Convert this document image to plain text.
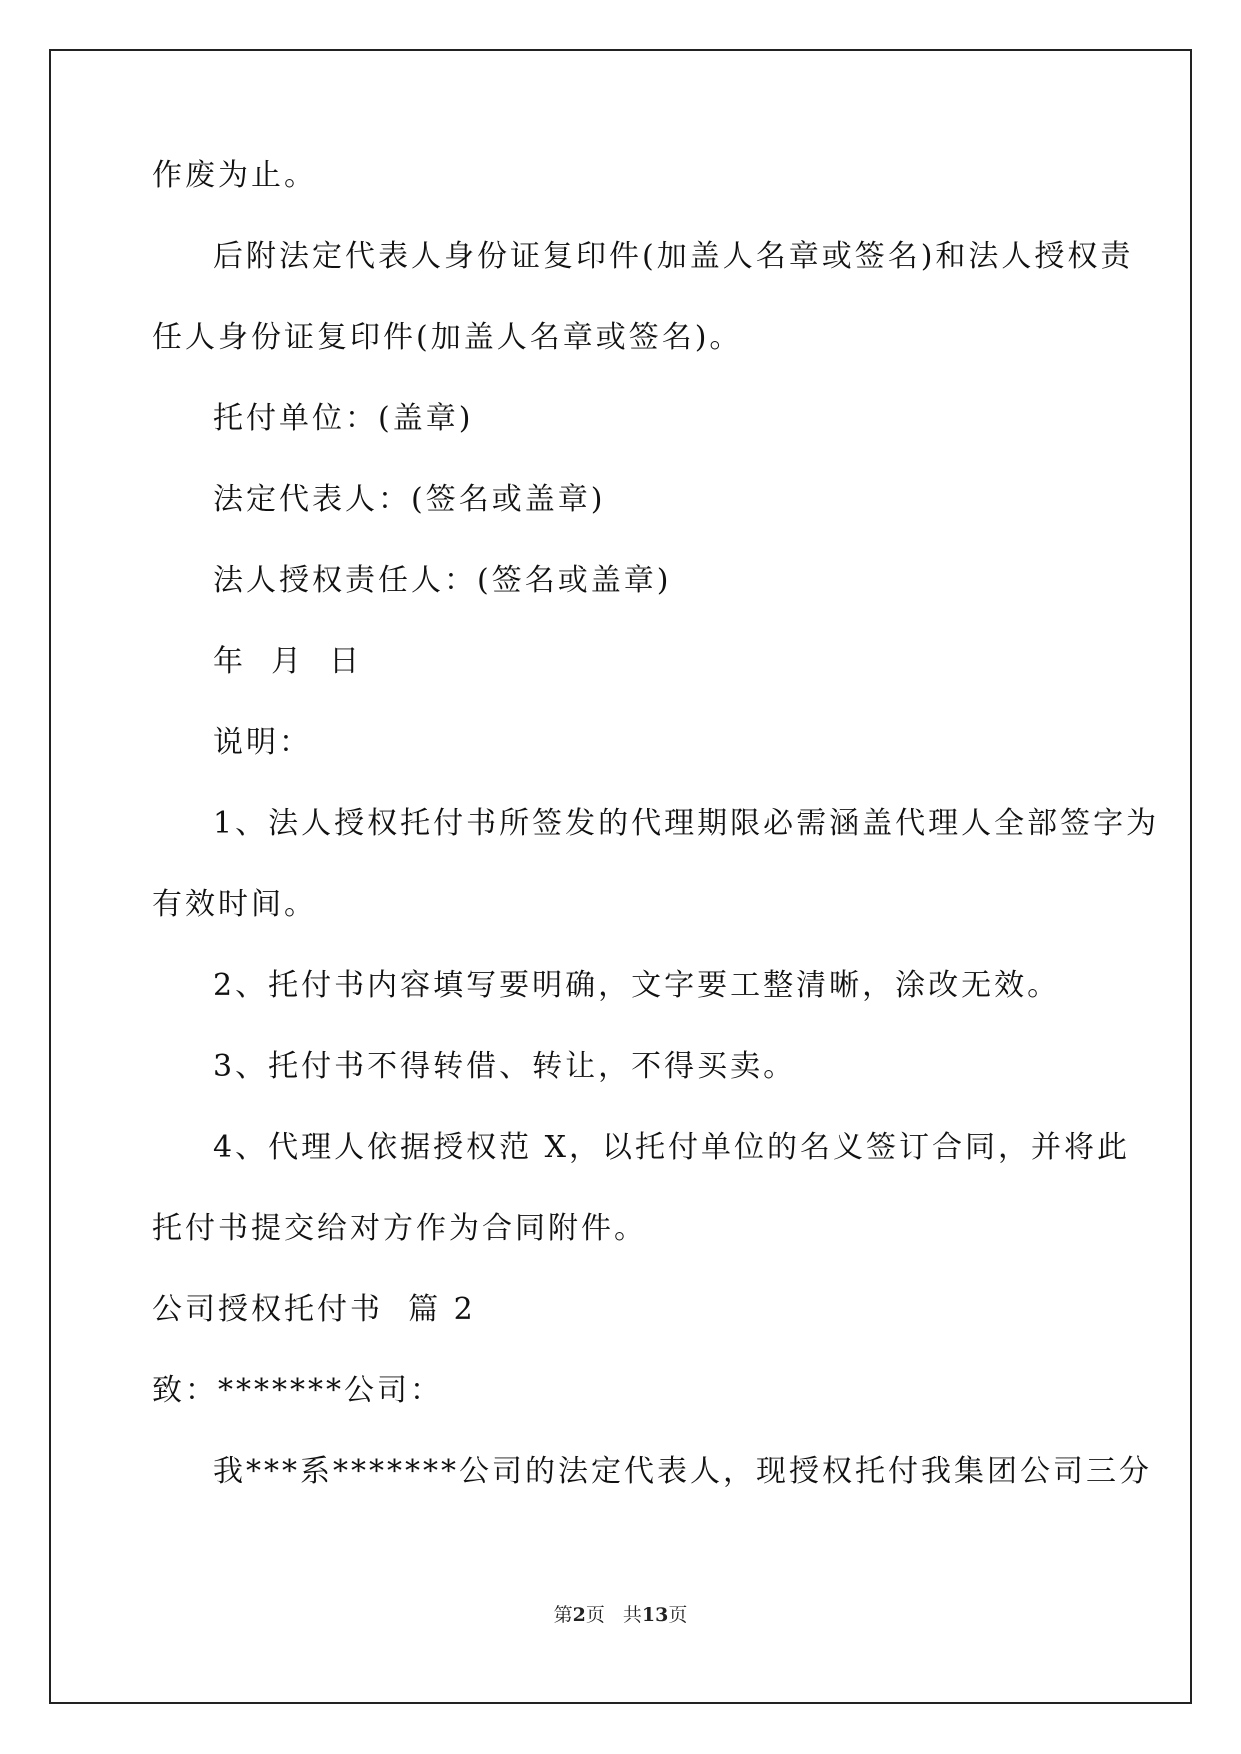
作废为止。
后附法定代表人身份证复印件(加盖人名章或签名)和法人授权责
任人身份证复印件(加盖人名章或签名)。
托付单位：(盖章)
法定代表人：(签名或盖章)
法人授权责任人：(签名或盖章)
年  月  日
说明：
1、法人授权托付书所签发的代理期限必需涵盖代理人全部签字为
有效时间。
2、托付书内容填写要明确，文字要工整清晰，涂改无效。
3、托付书不得转借、转让，不得买卖。
4、代理人依据授权范 X，以托付单位的名义签订合同，并将此
托付书提交给对方作为合同附件。
公司授权托付书  篇 2
致：*******公司：
我***系*******公司的法定代表人，现授权托付我集团公司三分
第2页 共13页
